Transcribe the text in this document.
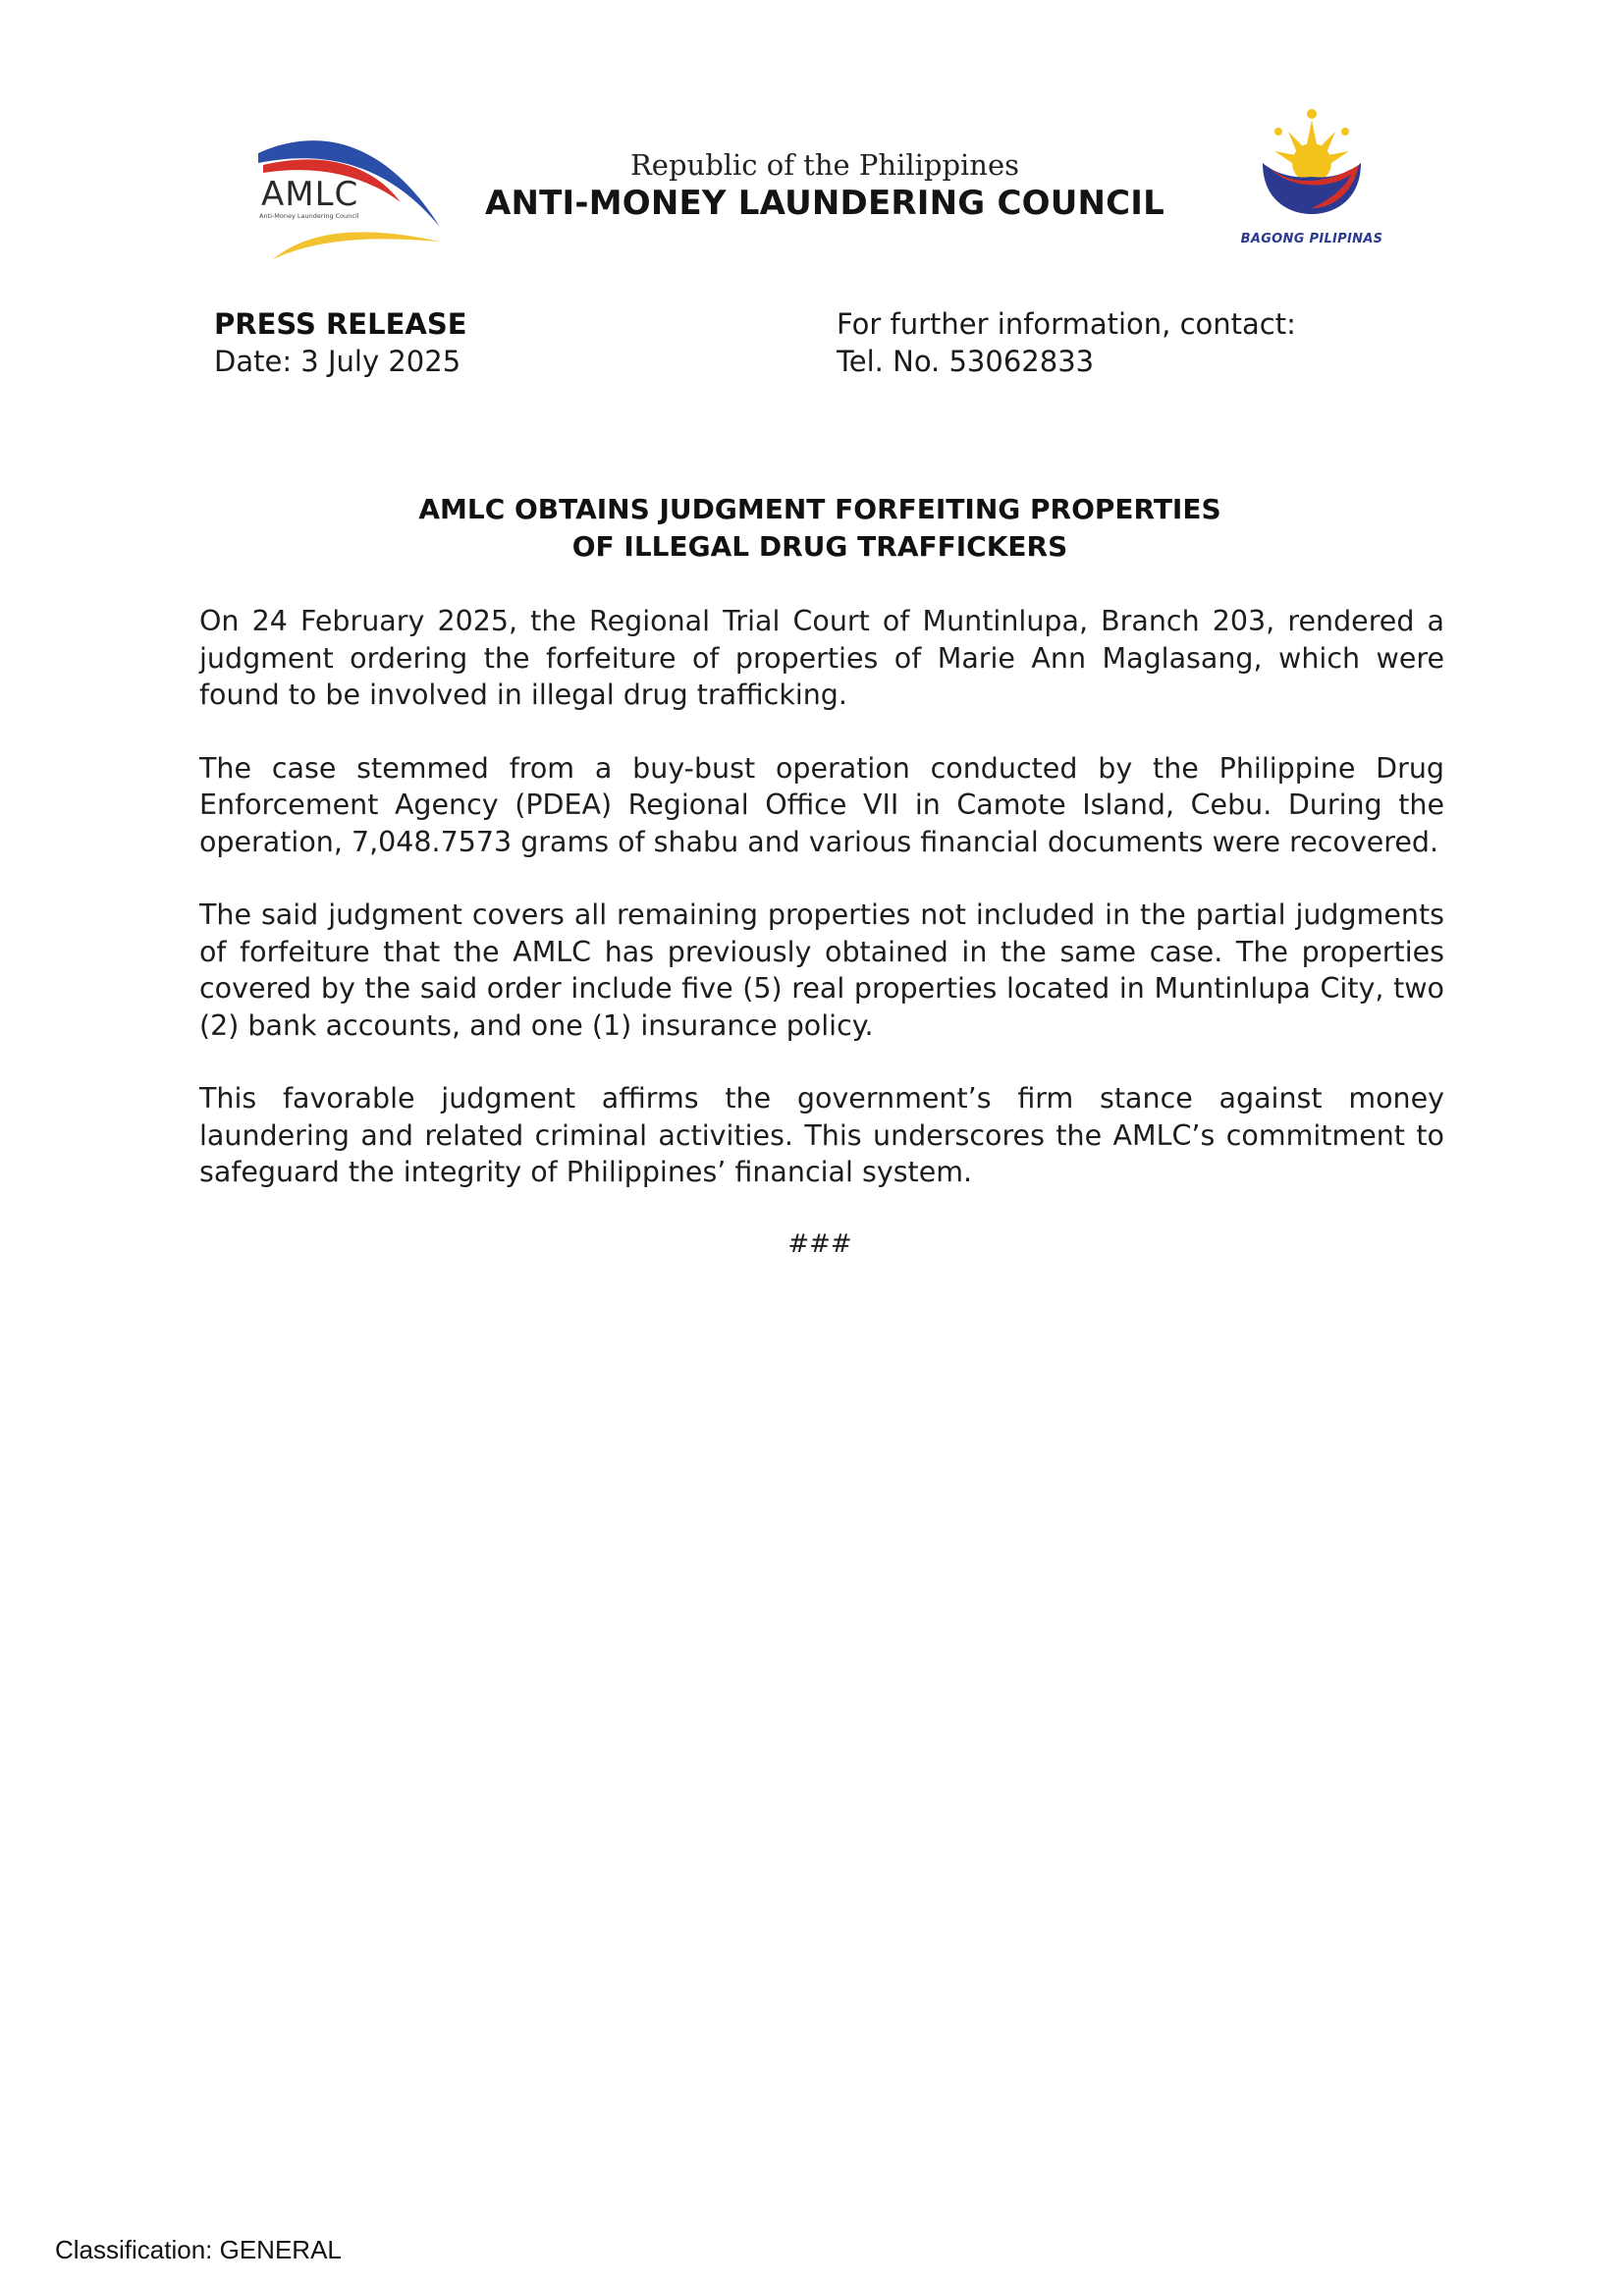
AMLC
Anti-Money Laundering Council
Republic of the Philippines
ANTI-MONEY LAUNDERING COUNCIL
BAGONG PILIPINAS
PRESS RELEASE
Date: 3 July 2025
For further information, contact:
Tel. No. 53062833
AMLC OBTAINS JUDGMENT FORFEITING PROPERTIES
OF ILLEGAL DRUG TRAFFICKERS

On 24 February 2025, the Regional Trial Court of Muntinlupa, Branch 203, rendered a judgment ordering the forfeiture of properties of Marie Ann Maglasang, which were found to be involved in illegal drug trafficking.

The case stemmed from a buy-bust operation conducted by the Philippine Drug Enforcement Agency (PDEA) Regional Office VII in Camote Island, Cebu. During the operation, 7,048.7573 grams of shabu and various financial documents were recovered.

The said judgment covers all remaining properties not included in the partial judgments of forfeiture that the AMLC has previously obtained in the same case. The properties covered by the said order include five (5) real properties located in Muntinlupa City, two (2) bank accounts, and one (1) insurance policy.

This favorable judgment affirms the government’s firm stance against money laundering and related criminal activities. This underscores the AMLC’s commitment to safeguard the integrity of Philippines’ financial system.

###
Classification: GENERAL
